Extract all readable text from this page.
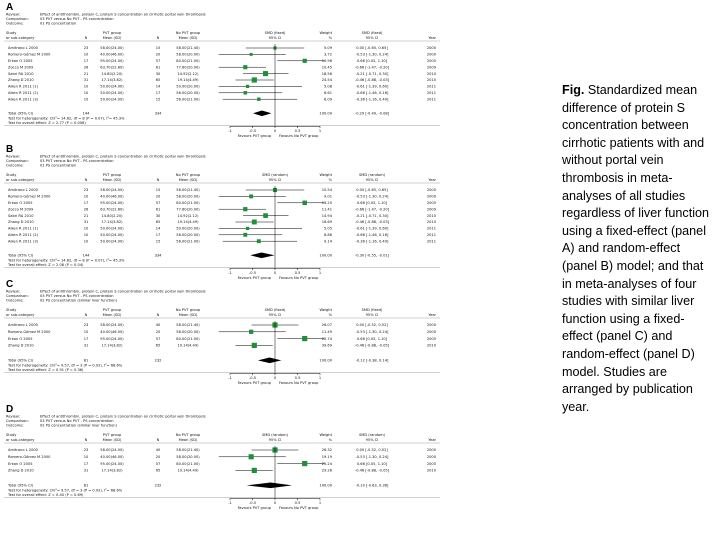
A
Review:	Effect of antithrombin, protein C, protein S concentration on cirrhotic portal vein thrombosis
Comparison:	03 PVT versus No PVT - PS concentration
Outcome:	01 PS concentration
Study
or sub-category	N
PVT group
Mean (SD)	N
No PVT group
Mean (SD)
SMD (fixed)
95% CI
Weight
%
SMD (fixed)
95% CI	Year
Amitrano L 2000	23	58.00(24.00)	15	58.00(21.40)	5.09	0.00 [-0.65, 0.65]	2000
Romero-Gómez M 2000	10	40.00(46.00)	20	58.00(20.00)	3.72	-0.53 [-1.30, 0.24]	2000
Erkan O 2005	17	95.00(24.00)	57	80.00(21.00)	10.96	0.66 [0.05, 1.10]	2005
Zocco M 2009	26	63.70(22.60)	61	77.60(20.00)	10.45	-0.66 [-1.47, -0.20]	2009
Sabri RA 2010	21	14.80(2.20)	30	14.92(2.12)	18.56	-0.21 [-0.71, 0.30]	2010
Zhang D 2010	31	17.14(3.82)	65	19.14(4.49)	24.54	-0.46 [-0.88, -0.03]	2010
Aiken R 2011 (1)	10	50.00(24.00)	14	50.00(20.00)	5.08	-0.61 [-1.39, 0.60]	2011
Aiken R 2011 (2)	10	50.00(24.00)	17	56.00(20.00)	6.61	-0.66 [-1.46, 0.16]	2011
Aiken R 2011 (3)	10	50.00(24.00)	15	56.00(21.00)	6.09	-0.36 [-1.16, 0.49]	2011
Total (95% CI)	144	334	100.00	-0.29 [-0.49, -0.08]
Test for heterogeneity: Chi²= 14.62, df = 8 (P = 0.07), I²= 45.3%
Test for overall effect: Z = 2.77 (P = 0.006)
-1	-0.5	0	0.5	1
Favours PVT group Favours No PVT group
B
Review:	Effect of antithrombin, protein C, protein S concentration on cirrhotic portal vein thrombosis
Comparison:	03 PVT versus No PVT - PS concentration
Outcome:	01 PS concentration
Study
or sub-category	N
PVT group
Mean (SD)	N
No PVT group
Mean (SD)
SMD (random)
95% CI
Weight
%
SMD (random)
95% CI	Year
Amitrano L 2000	23	58.00(24.00)	15	58.00(21.40)	10.54	0.00 [-0.65, 0.65]	2000
Romero-Gómez M 2000	10	40.00(46.00)	20	58.00(20.00)	9.01	-0.53 [-1.30, 0.24]	2000
Erkan O 2005	17	95.00(24.00)	57	80.00(21.00)	13.25	0.66 [0.05, 1.10]	2005
Zocco M 2009	26	63.70(22.60)	61	77.60(20.00)	11.41	-0.66 [-1.47, -0.20]	2009
Sabri RA 2010	21	14.80(2.20)	30	14.92(2.12)	14.94	-0.21 [-0.71, 0.30]	2010
Zhang D 2010	31	17.14(3.82)	65	19.14(4.49)	16.69	-0.46 [-0.88, -0.03]	2010
Aiken R 2011 (1)	10	50.00(24.00)	14	50.00(20.00)	5.05	-0.61 [-1.39, 0.60]	2011
Aiken R 2011 (2)	10	50.00(24.00)	17	56.00(20.00)	8.86	-0.66 [-1.46, 0.16]	2011
Aiken R 2011 (3)	10	50.00(24.00)	15	56.00(21.00)	9.14	-0.36 [-1.16, 0.49]	2011
Total (95% CI)	144	334	100.00	-0.30 [-0.55, -0.01]
Test for heterogeneity: Chi²= 14.62, df = 8 (P = 0.07), I²= 45.3%
Test for overall effect: Z = 2.08 (P = 0.04)
-1	-0.5	0	0.5	1
Favours PVT group Favours No PVT group
C
Review:	Effect of antithrombin, protein C, protein S concentration on cirrhotic portal vein thrombosis
Comparison:	03 PVT versus No PVT - PS concentration
Outcome:	02 PS concentration (similar liver function)
Study
or sub-category	N
PVT group
Mean (SD)	N
No PVT group
Mean (SD)
SMD (fixed)
95% CI
Weight
%
SMD (fixed)
95% CI	Year
Amitrano L 2000	23	58.00(24.00)	40	58.00(21.40)	26.07	0.00 [-0.52, 0.52]	2000
Romero-Gómez M 2000	10	40.00(46.00)	20	58.00(20.00)	11.49	-0.53 [-1.30, 0.24]	2000
Erkan O 2005	17	95.00(24.00)	57	80.00(21.00)	22.74	0.66 [0.05, 1.10]	2005
Zhang D 2010	31	17.14(3.82)	65	19.14(4.49)	39.69	-0.46 [-0.88, -0.05]	2010
Total (95% CI)	81	232	100.00	-0.12 [-0.38, 0.14]
Test for heterogeneity: Chi²= 9.57, df = 3 (P = 0.02), I²= 68.6%
Test for overall effect: Z = 0.91 (P = 0.36)
-1	-0.5	0	0.5	1
Favours PVT group Favours No PVT group
D
Review:	Effect of antithrombin, protein C, protein S concentration on cirrhotic portal vein thrombosis
Comparison:	03 PVT versus No PVT - PS concentration
Outcome:	02 PS concentration (similar liver function)
Study
or sub-category	N
PVT group
Mean (SD)	N
No PVT group
Mean (SD)
SMD (random)
95% CI
Weight
%
SMD (random)
95% CI	Year
Amitrano L 2000	23	58.00(24.00)	40	58.00(21.40)	26.32	0.00 [-0.52, 0.52]	2000
Romero-Gómez M 2000	10	40.00(46.00)	20	58.00(20.00)	19.19	-0.53 [-1.30, 0.24]	2000
Erkan O 2005	17	95.00(24.00)	57	80.00(21.00)	25.24	0.66 [0.05, 1.10]	2005
Zhang D 2010	31	17.14(3.82)	65	19.14(4.49)	29.26	-0.46 [-0.88, -0.05]	2010
Total (95% CI)	81	232	100.00	-0.10 [-0.63, 0.38]
Test for heterogeneity: Chi²= 9.57, df = 3 (P = 0.02), I²= 68.6%
Test for overall effect: Z = 0.40 (P = 0.69)
-1	-0.5	0	0.5	1
Favours PVT group Favours No PVT group
Fig. Standardized mean difference of protein S concentration between cirrhotic patients with and without portal vein thrombosis in meta-analyses of all studies regardless of liver function using a fixed-effect (panel A) and random-effect (panel B) model; and that in meta-analyses of four studies with similar liver function using a fixed-effect (panel C) and random-effect (panel D) model. Studies are arranged by publication year.
